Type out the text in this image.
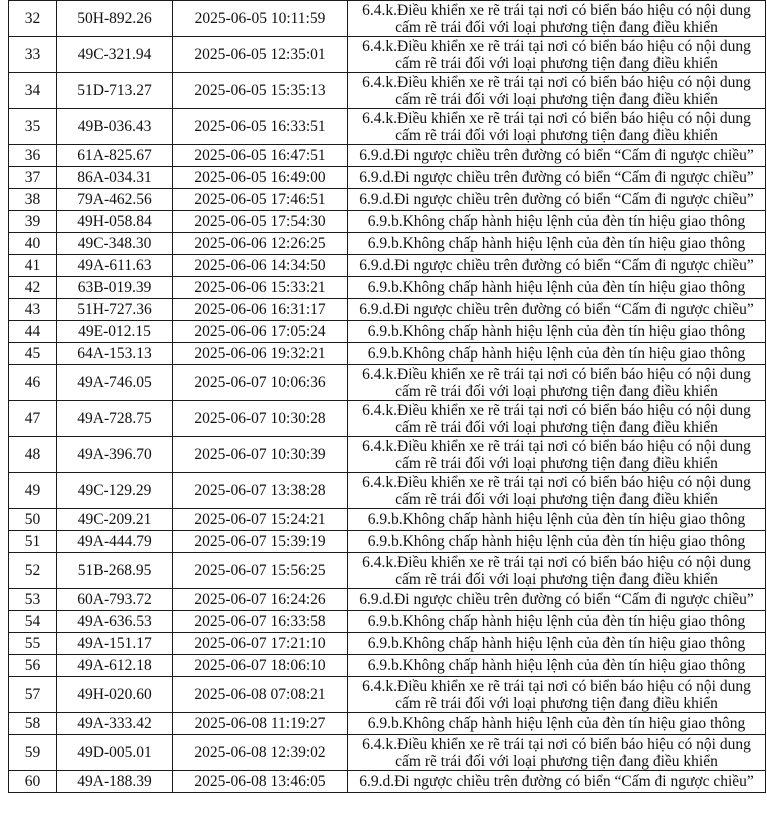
32	50H-892.26	2025-06-05 10:11:59	6.4.k.Điều khiển xe rẽ trái tại nơi có biển báo hiệu có nội dung cấm rẽ trái đối với loại phương tiện đang điều khiển
33	49C-321.94	2025-06-05 12:35:01	6.4.k.Điều khiển xe rẽ trái tại nơi có biển báo hiệu có nội dung cấm rẽ trái đối với loại phương tiện đang điều khiển
34	51D-713.27	2025-06-05 15:35:13	6.4.k.Điều khiển xe rẽ trái tại nơi có biển báo hiệu có nội dung cấm rẽ trái đối với loại phương tiện đang điều khiển
35	49B-036.43	2025-06-05 16:33:51	6.4.k.Điều khiển xe rẽ trái tại nơi có biển báo hiệu có nội dung cấm rẽ trái đối với loại phương tiện đang điều khiển
36	61A-825.67	2025-06-05 16:47:51	6.9.d.Đi ngược chiều trên đường có biển “Cấm đi ngược chiều”
37	86A-034.31	2025-06-05 16:49:00	6.9.d.Đi ngược chiều trên đường có biển “Cấm đi ngược chiều”
38	79A-462.56	2025-06-05 17:46:51	6.9.d.Đi ngược chiều trên đường có biển “Cấm đi ngược chiều”
39	49H-058.84	2025-06-05 17:54:30	6.9.b.Không chấp hành hiệu lệnh của đèn tín hiệu giao thông
40	49C-348.30	2025-06-06 12:26:25	6.9.b.Không chấp hành hiệu lệnh của đèn tín hiệu giao thông
41	49A-611.63	2025-06-06 14:34:50	6.9.d.Đi ngược chiều trên đường có biển “Cấm đi ngược chiều”
42	63B-019.39	2025-06-06 15:33:21	6.9.b.Không chấp hành hiệu lệnh của đèn tín hiệu giao thông
43	51H-727.36	2025-06-06 16:31:17	6.9.d.Đi ngược chiều trên đường có biển “Cấm đi ngược chiều”
44	49E-012.15	2025-06-06 17:05:24	6.9.b.Không chấp hành hiệu lệnh của đèn tín hiệu giao thông
45	64A-153.13	2025-06-06 19:32:21	6.9.b.Không chấp hành hiệu lệnh của đèn tín hiệu giao thông
46	49A-746.05	2025-06-07 10:06:36	6.4.k.Điều khiển xe rẽ trái tại nơi có biển báo hiệu có nội dung cấm rẽ trái đối với loại phương tiện đang điều khiển
47	49A-728.75	2025-06-07 10:30:28	6.4.k.Điều khiển xe rẽ trái tại nơi có biển báo hiệu có nội dung cấm rẽ trái đối với loại phương tiện đang điều khiển
48	49A-396.70	2025-06-07 10:30:39	6.4.k.Điều khiển xe rẽ trái tại nơi có biển báo hiệu có nội dung cấm rẽ trái đối với loại phương tiện đang điều khiển
49	49C-129.29	2025-06-07 13:38:28	6.4.k.Điều khiển xe rẽ trái tại nơi có biển báo hiệu có nội dung cấm rẽ trái đối với loại phương tiện đang điều khiển
50	49C-209.21	2025-06-07 15:24:21	6.9.b.Không chấp hành hiệu lệnh của đèn tín hiệu giao thông
51	49A-444.79	2025-06-07 15:39:19	6.9.b.Không chấp hành hiệu lệnh của đèn tín hiệu giao thông
52	51B-268.95	2025-06-07 15:56:25	6.4.k.Điều khiển xe rẽ trái tại nơi có biển báo hiệu có nội dung cấm rẽ trái đối với loại phương tiện đang điều khiển
53	60A-793.72	2025-06-07 16:24:26	6.9.d.Đi ngược chiều trên đường có biển “Cấm đi ngược chiều”
54	49A-636.53	2025-06-07 16:33:58	6.9.b.Không chấp hành hiệu lệnh của đèn tín hiệu giao thông
55	49A-151.17	2025-06-07 17:21:10	6.9.b.Không chấp hành hiệu lệnh của đèn tín hiệu giao thông
56	49A-612.18	2025-06-07 18:06:10	6.9.b.Không chấp hành hiệu lệnh của đèn tín hiệu giao thông
57	49H-020.60	2025-06-08 07:08:21	6.4.k.Điều khiển xe rẽ trái tại nơi có biển báo hiệu có nội dung cấm rẽ trái đối với loại phương tiện đang điều khiển
58	49A-333.42	2025-06-08 11:19:27	6.9.b.Không chấp hành hiệu lệnh của đèn tín hiệu giao thông
59	49D-005.01	2025-06-08 12:39:02	6.4.k.Điều khiển xe rẽ trái tại nơi có biển báo hiệu có nội dung cấm rẽ trái đối với loại phương tiện đang điều khiển
60	49A-188.39	2025-06-08 13:46:05	6.9.d.Đi ngược chiều trên đường có biển “Cấm đi ngược chiều”
